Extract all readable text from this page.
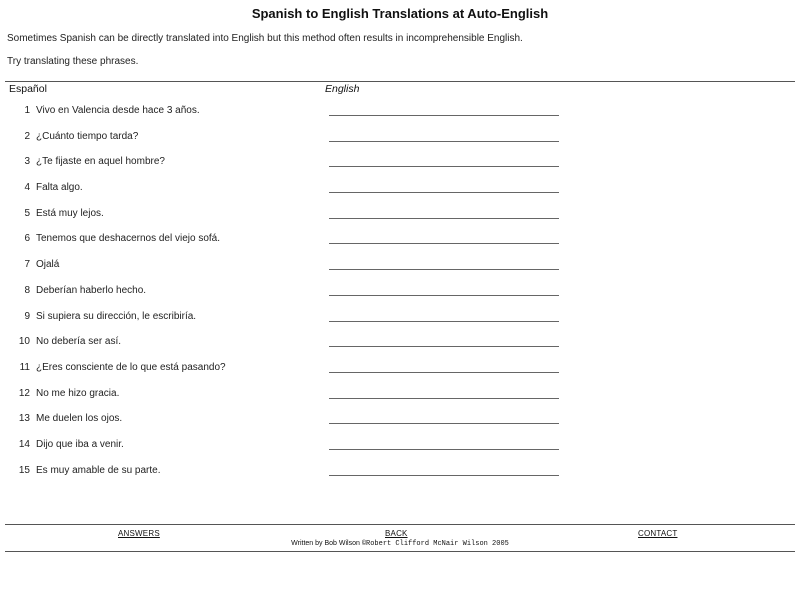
Spanish to English Translations at Auto-English
Sometimes Spanish can be directly translated into English but this method often results in incomprehensible English.
Try translating these phrases.
Español	English
1 Vivo en Valencia desde hace 3 años.
2 ¿Cuánto tiempo tarda?
3 ¿Te fijaste en aquel hombre?
4 Falta algo.
5 Está muy lejos.
6 Tenemos que deshacernos del viejo sofá.
7 Ojalá
8 Deberían haberlo hecho.
9 Si supiera su dirección, le escribiría.
10 No debería ser así.
11 ¿Eres consciente de lo que está pasando?
12 No me hizo gracia.
13 Me duelen los ojos.
14 Dijo que iba a venir.
15 Es muy amable de su parte.
ANSWERS	BACK	CONTACT
Written by Bob Wilson ©Robert Clifford McNair Wilson 2005
